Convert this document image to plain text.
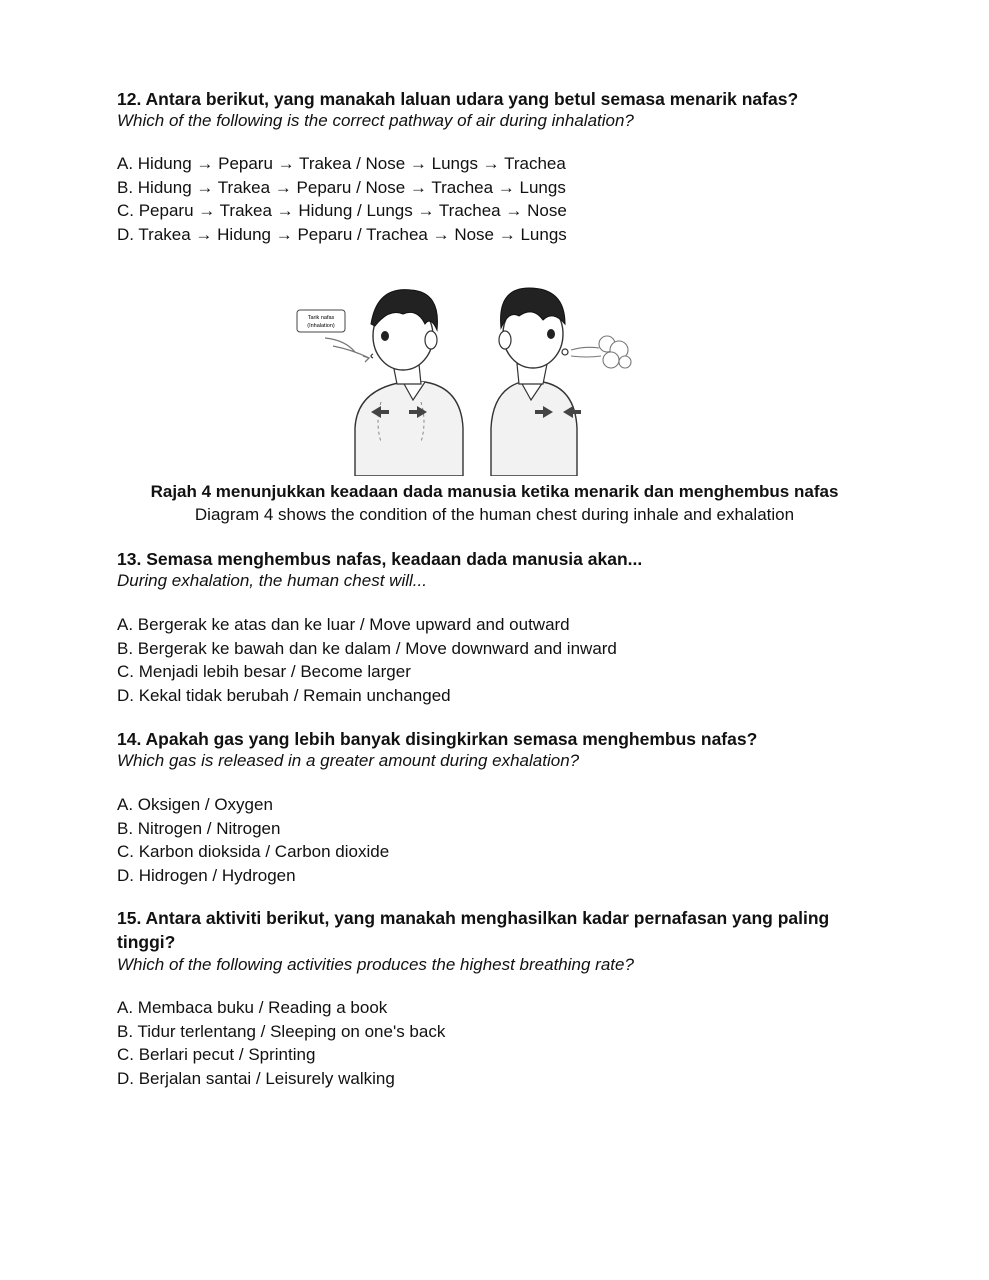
12. Antara berikut, yang manakah laluan udara yang betul semasa menarik nafas?
Which of the following is the correct pathway of air during inhalation?
A. Hidung → Peparu → Trakea / Nose → Lungs → Trachea
B. Hidung → Trakea → Peparu / Nose → Trachea → Lungs
C. Peparu → Trakea → Hidung / Lungs → Trachea → Nose
D. Trakea → Hidung → Peparu / Trachea → Nose → Lungs
Tarik nafas
(Inhalation)
Rajah 4 menunjukkan keadaan dada manusia ketika menarik dan menghembus nafas
Diagram 4 shows the condition of the human chest during inhale and exhalation
13. Semasa menghembus nafas, keadaan dada manusia akan...
During exhalation, the human chest will...
A. Bergerak ke atas dan ke luar / Move upward and outward
B. Bergerak ke bawah dan ke dalam / Move downward and inward
C. Menjadi lebih besar / Become larger
D. Kekal tidak berubah / Remain unchanged
14. Apakah gas yang lebih banyak disingkirkan semasa menghembus nafas?
Which gas is released in a greater amount during exhalation?
A. Oksigen / Oxygen
B. Nitrogen / Nitrogen
C. Karbon dioksida / Carbon dioxide
D. Hidrogen / Hydrogen
15. Antara aktiviti berikut, yang manakah menghasilkan kadar pernafasan yang paling tinggi?
Which of the following activities produces the highest breathing rate?
A. Membaca buku / Reading a book
B. Tidur terlentang / Sleeping on one's back
C. Berlari pecut / Sprinting
D. Berjalan santai / Leisurely walking
